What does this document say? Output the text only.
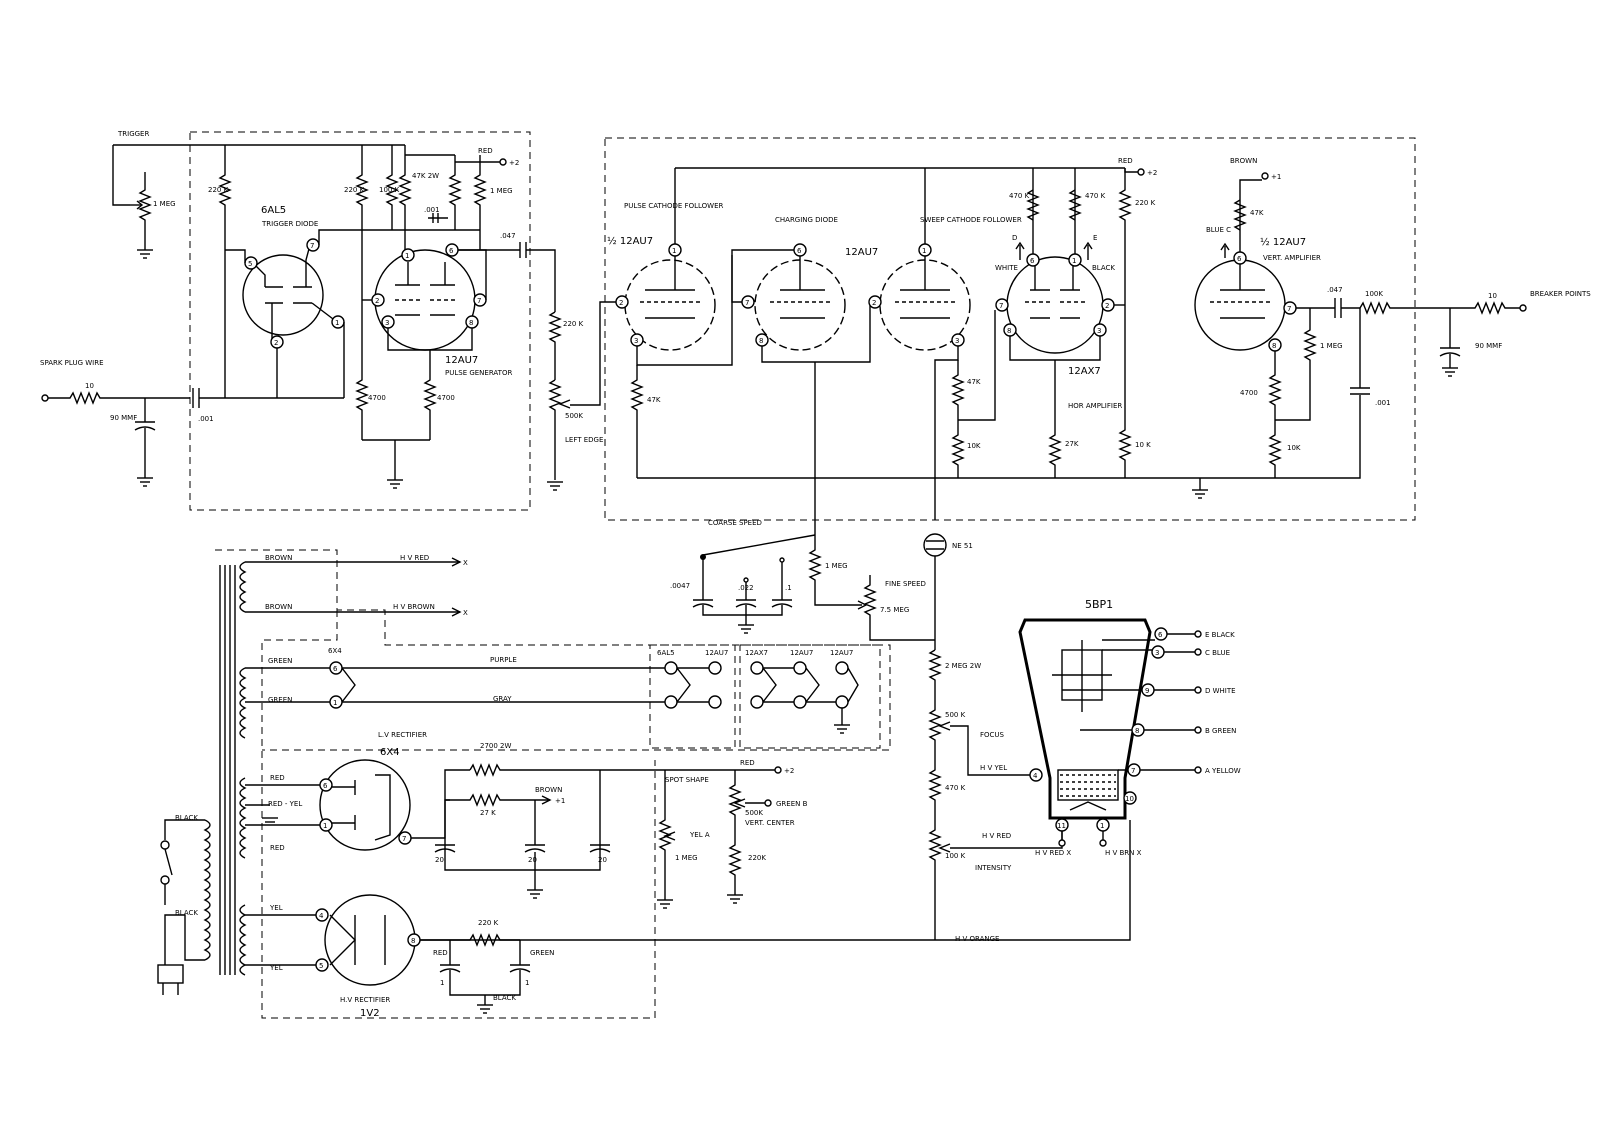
TRIGGER
1 MEG
220 K
6AL5
TRIGGER DIODE
5
7
1
2
220 K 100 K
47K 2W
.001
1 MEG
RED
+2
1
6
2	7
3	8
12AU7
PULSE GENERATOR
.047
4700	4700
220 K
500K
LEFT EDGE
SPARK PLUG WIRE
10
90 MMF	.001
+2
RED
PULSE CATHODE FOLLOWER
½ 12AU7
1
2
3
47K
CHARGING DIODE
6
7
8
SWEEP CATHODE FOLLOWER
12AU7	1
2
3
47K
10K
6	1
7	2
8	3
12AX7
HOR AMPLIFIER
27K
470 K	470 K
D
WHITE
E
BLACK
220 K
10 K
BROWN
+1
47K
BLUE C
6
7
8
½ 12AU7
VERT. AMPLIFIER
4700
10K
1 MEG
.047	100K
.001
90 MMF
10	BREAKER POINTS
COARSE SPEED
.0047	.022	.1
1 MEG
FINE SPEED
7.5 MEG
NE 51
2 MEG 2W
500 K
FOCUS
H V YEL
470 K
100 K
INTENSITY
H V RED
H V ORANGE
5BP1
6
3
9
8
7
10
4
11	1
E BLACK
C BLUE
D WHITE
B GREEN
A YELLOW
H V RED X	H V BRN X
BLACK
BLACK
BROWN	H V RED
X
BROWN	H V BROWN
X
GREEN
GREEN
6X4
6
1
PURPLE
GRAY
6AL5	12AU7 12AX7	12AU7 12AU7
L.V RECTIFIER
6X4
6
1
7
RED
RED - YEL
RED
2700 2W
27 K
BROWN
+1
20	20	20
SPOT SHAPE
YEL A
1 MEG
RED
+2
GREEN B
500K
VERT. CENTER
220K
4
5
8
YEL
YEL
H.V RECTIFIER
1V2
220 K
RED	GREEN
1	1
BLACK
